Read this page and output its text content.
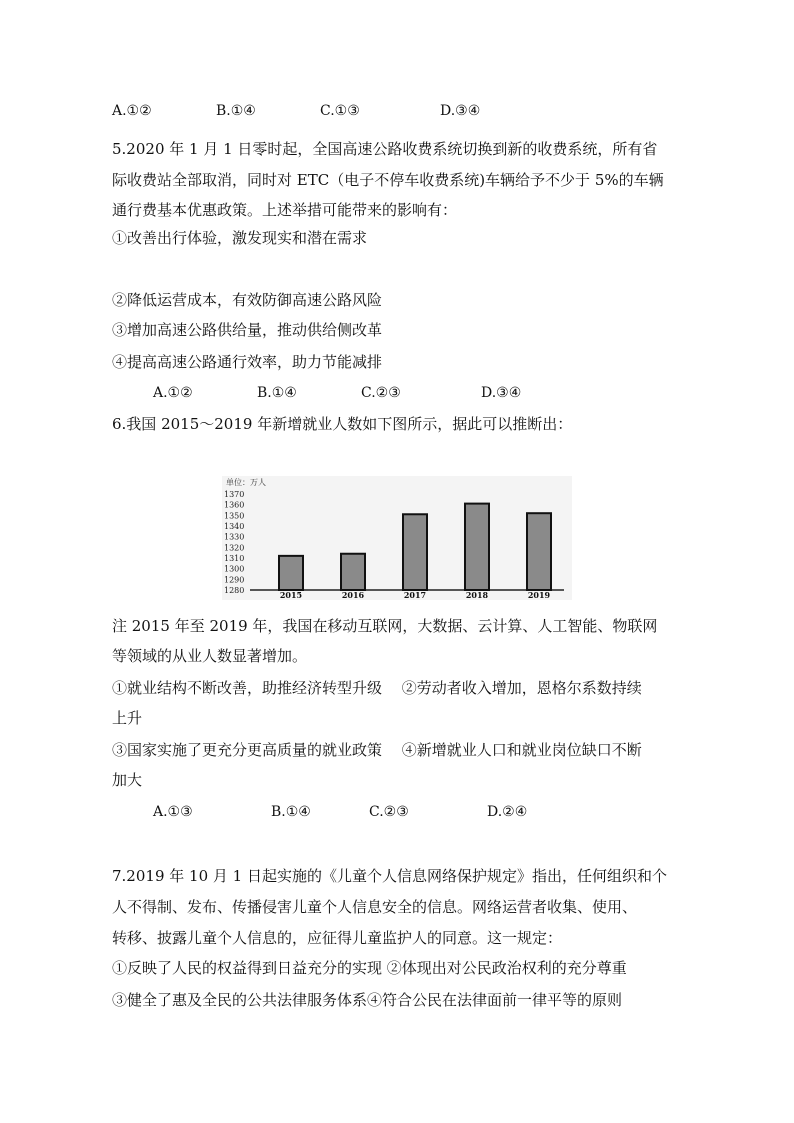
A.①②	B.①④	C.①③	D.③④
5.2020 年 1 月 1 日零时起，全国高速公路收费系统切换到新的收费系统，所有省
际收费站全部取消，同时对 ETC（电子不停车收费系统)车辆给予不少于 5%的车辆
通行费基本优惠政策。上述举措可能带来的影响有：
①改善出行体验，激发现实和潜在需求
②降低运营成本，有效防御高速公路风险
③增加高速公路供给量，推动供给侧改革
④提高高速公路通行效率，助力节能减排
A.①②	B.①④	C.②③	D.③④
6.我国 2015～2019 年新增就业人数如下图所示，据此可以推断出：
单位：万人
1370
1360
1350
1340
1330
1320
1310
1300
1290
1280	2015	2016	2017	2018	2019
注 2015 年至 2019 年，我国在移动互联网，大数据、云计算、人工智能、物联网
等领域的从业人数显著增加。
①就业结构不断改善，助推经济转型升级　 ②劳动者收入增加，恩格尔系数持续
上升
③国家实施了更充分更高质量的就业政策　 ④新增就业人口和就业岗位缺口不断
加大
A.①③	B.①④	C.②③	D.②④
7.2019 年 10 月 1 日起实施的《儿童个人信息网络保护规定》指出，任何组织和个
人不得制、发布、传播侵害儿童个人信息安全的信息。网络运营者收集、使用、
转移、披露儿童个人信息的，应征得儿童监护人的同意。这一规定：
①反映了人民的权益得到日益充分的实现 ②体现出对公民政治权利的充分尊重
③健全了惠及全民的公共法律服务体系④符合公民在法律面前一律平等的原则
